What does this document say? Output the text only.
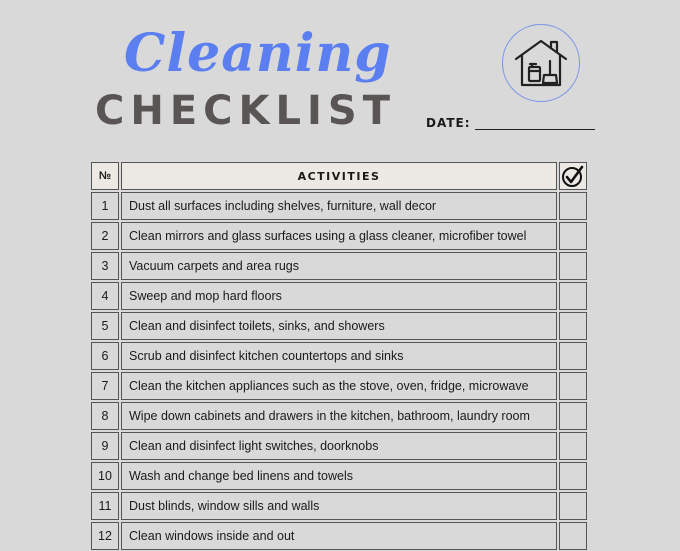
Cleaning
CHECKLIST	DATE:
№	ACTIVITIES
1	Dust all surfaces including shelves, furniture, wall decor
2	Clean mirrors and glass surfaces using a glass cleaner, microfiber towel
3	Vacuum carpets and area rugs
4	Sweep and mop hard floors
5	Clean and disinfect toilets, sinks, and showers
6	Scrub and disinfect kitchen countertops and sinks
7	Clean the kitchen appliances such as the stove, oven, fridge, microwave
8	Wipe down cabinets and drawers in the kitchen, bathroom, laundry room
9	Clean and disinfect light switches, doorknobs
10	Wash and change bed linens and towels
11	Dust blinds, window sills and walls
12	Clean windows inside and out
